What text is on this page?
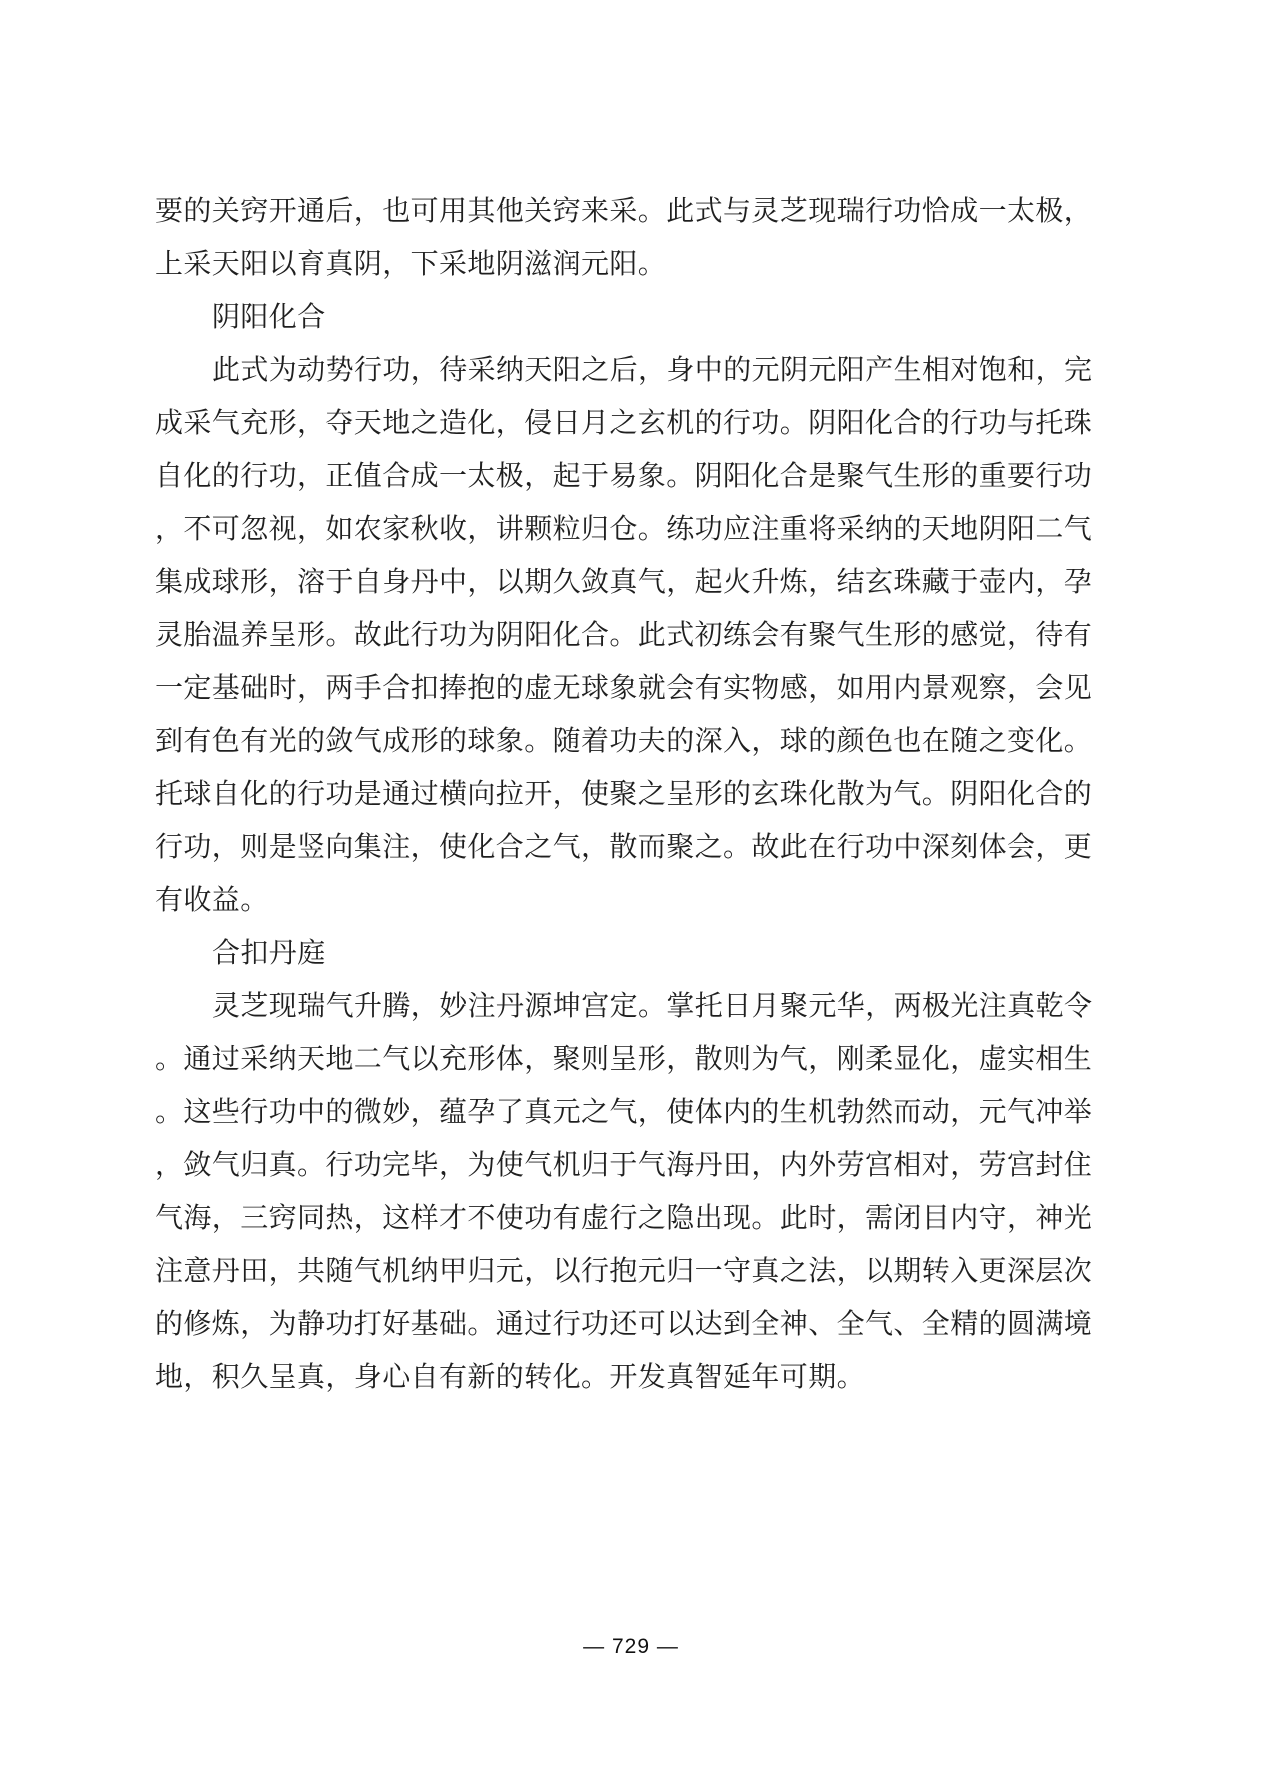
要的关窍开通后，也可用其他关窍来采。此式与灵芝现瑞行功恰成一太极，
上采天阳以育真阴，下采地阴滋润元阳。
阴阳化合
此式为动势行功，待采纳天阳之后，身中的元阴元阳产生相对饱和，完
成采气充形，夺天地之造化，侵日月之玄机的行功。阴阳化合的行功与托珠
自化的行功，正值合成一太极，起于易象。阴阳化合是聚气生形的重要行功
，不可忽视，如农家秋收，讲颗粒归仓。练功应注重将采纳的天地阴阳二气
集成球形，溶于自身丹中，以期久敛真气，起火升炼，结玄珠藏于壶内，孕
灵胎温养呈形。故此行功为阴阳化合。此式初练会有聚气生形的感觉，待有
一定基础时，两手合扣捧抱的虚无球象就会有实物感，如用内景观察，会见
到有色有光的敛气成形的球象。随着功夫的深入，球的颜色也在随之变化。
托球自化的行功是通过横向拉开，使聚之呈形的玄珠化散为气。阴阳化合的
行功，则是竖向集注，使化合之气，散而聚之。故此在行功中深刻体会，更
有收益。
合扣丹庭
灵芝现瑞气升腾，妙注丹源坤宫定。掌托日月聚元华，两极光注真乾令
。通过采纳天地二气以充形体，聚则呈形，散则为气，刚柔显化，虚实相生
。这些行功中的微妙，蕴孕了真元之气，使体内的生机勃然而动，元气冲举
，敛气归真。行功完毕，为使气机归于气海丹田，内外劳宫相对，劳宫封住
气海，三窍同热，这样才不使功有虚行之隐出现。此时，需闭目内守，神光
注意丹田，共随气机纳甲归元，以行抱元归一守真之法，以期转入更深层次
的修炼，为静功打好基础。通过行功还可以达到全神、全气、全精的圆满境
地，积久呈真，身心自有新的转化。开发真智延年可期。
— 729 —
